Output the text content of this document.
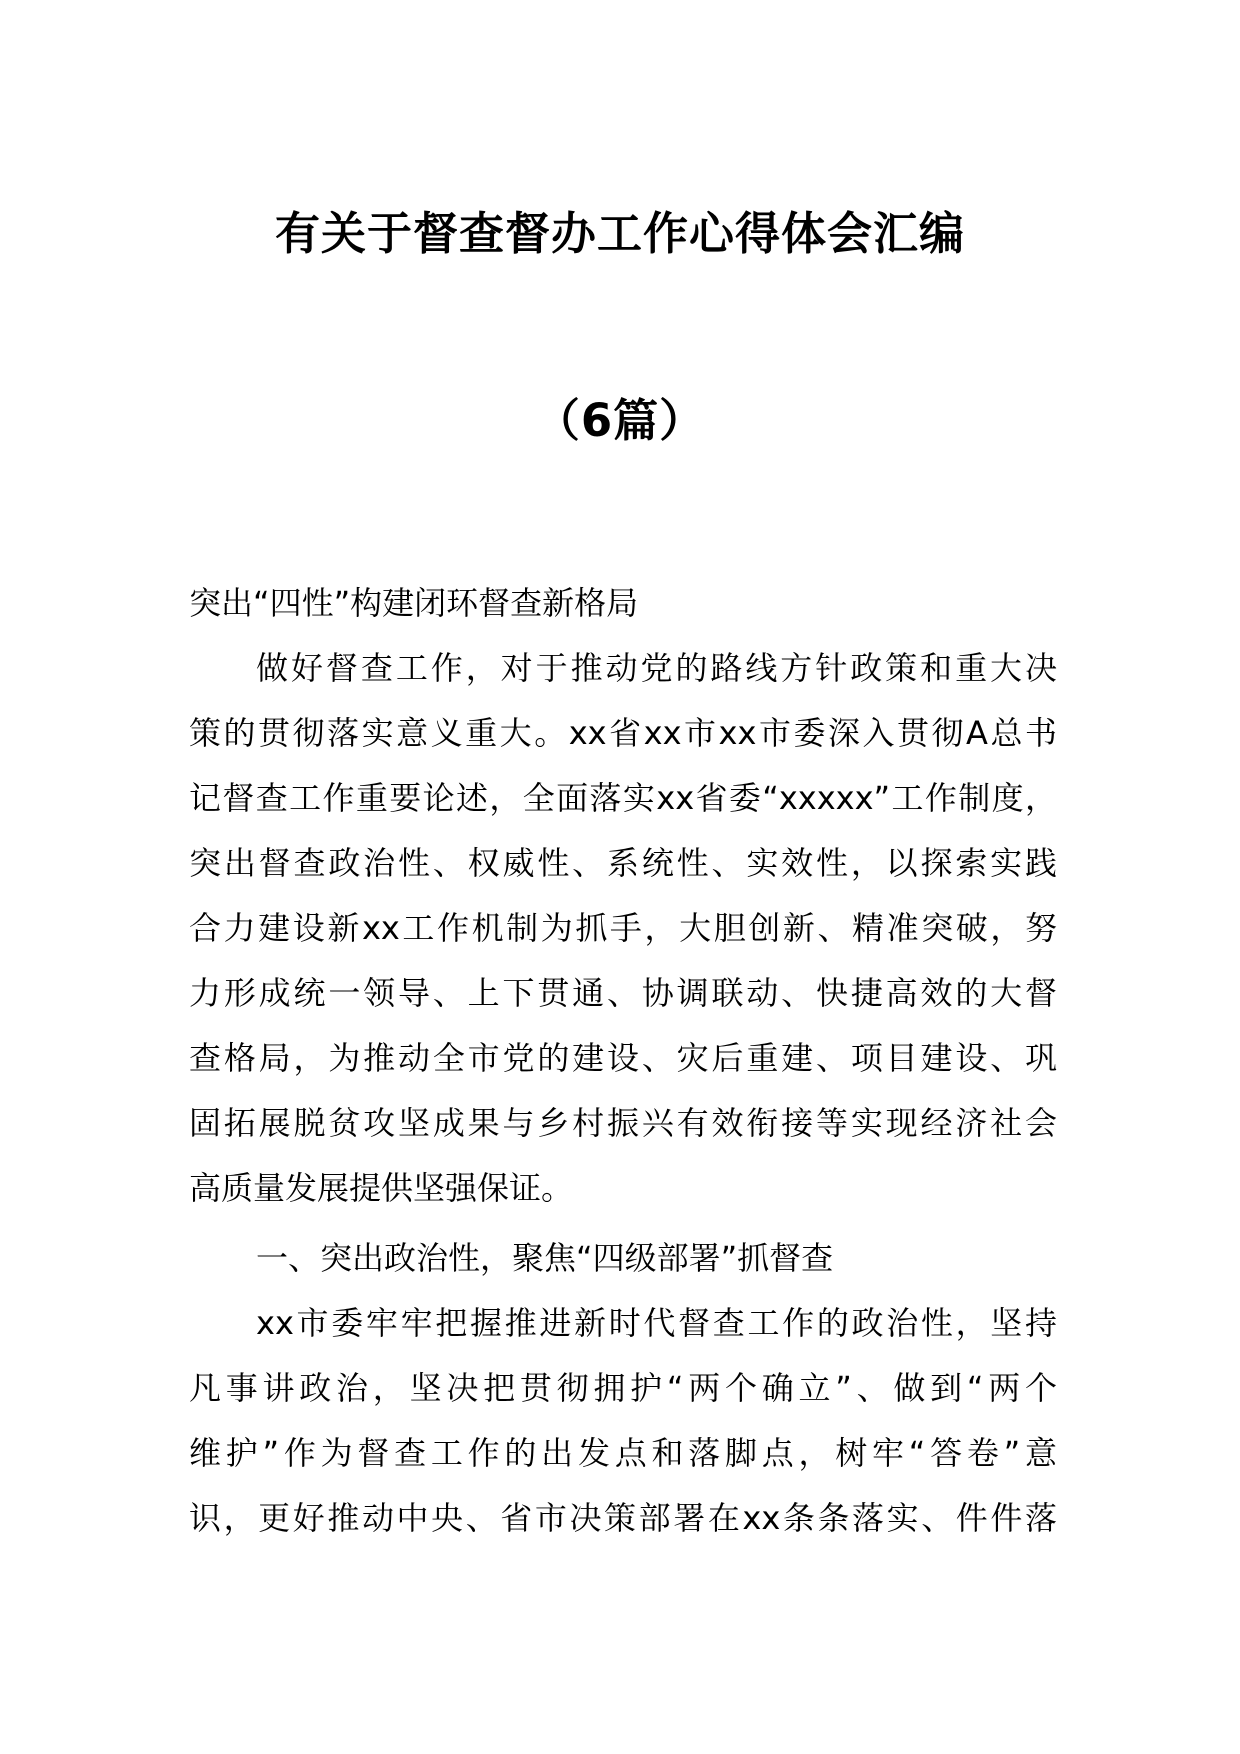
有关于督查督办工作心得体会汇编
（6篇）
突出“四性”构建闭环督查新格局
做好督查工作，对于推动党的路线方针政策和重大决
策的贯彻落实意义重大。xx省xx市xx市委深入贯彻A总书
记督查工作重要论述，全面落实xx省委“xxxxx”工作制度，
突出督查政治性、权威性、系统性、实效性，以探索实践
合力建设新xx工作机制为抓手，大胆创新、精准突破，努
力形成统一领导、上下贯通、协调联动、快捷高效的大督
查格局，为推动全市党的建设、灾后重建、项目建设、巩
固拓展脱贫攻坚成果与乡村振兴有效衔接等实现经济社会
高质量发展提供坚强保证。
一、突出政治性，聚焦“四级部署”抓督查
xx市委牢牢把握推进新时代督查工作的政治性，坚持
凡事讲政治，坚决把贯彻拥护“两个确立”、做到“两个
维护”作为督查工作的出发点和落脚点，树牢“答卷”意
识，更好推动中央、省市决策部署在xx条条落实、件件落
